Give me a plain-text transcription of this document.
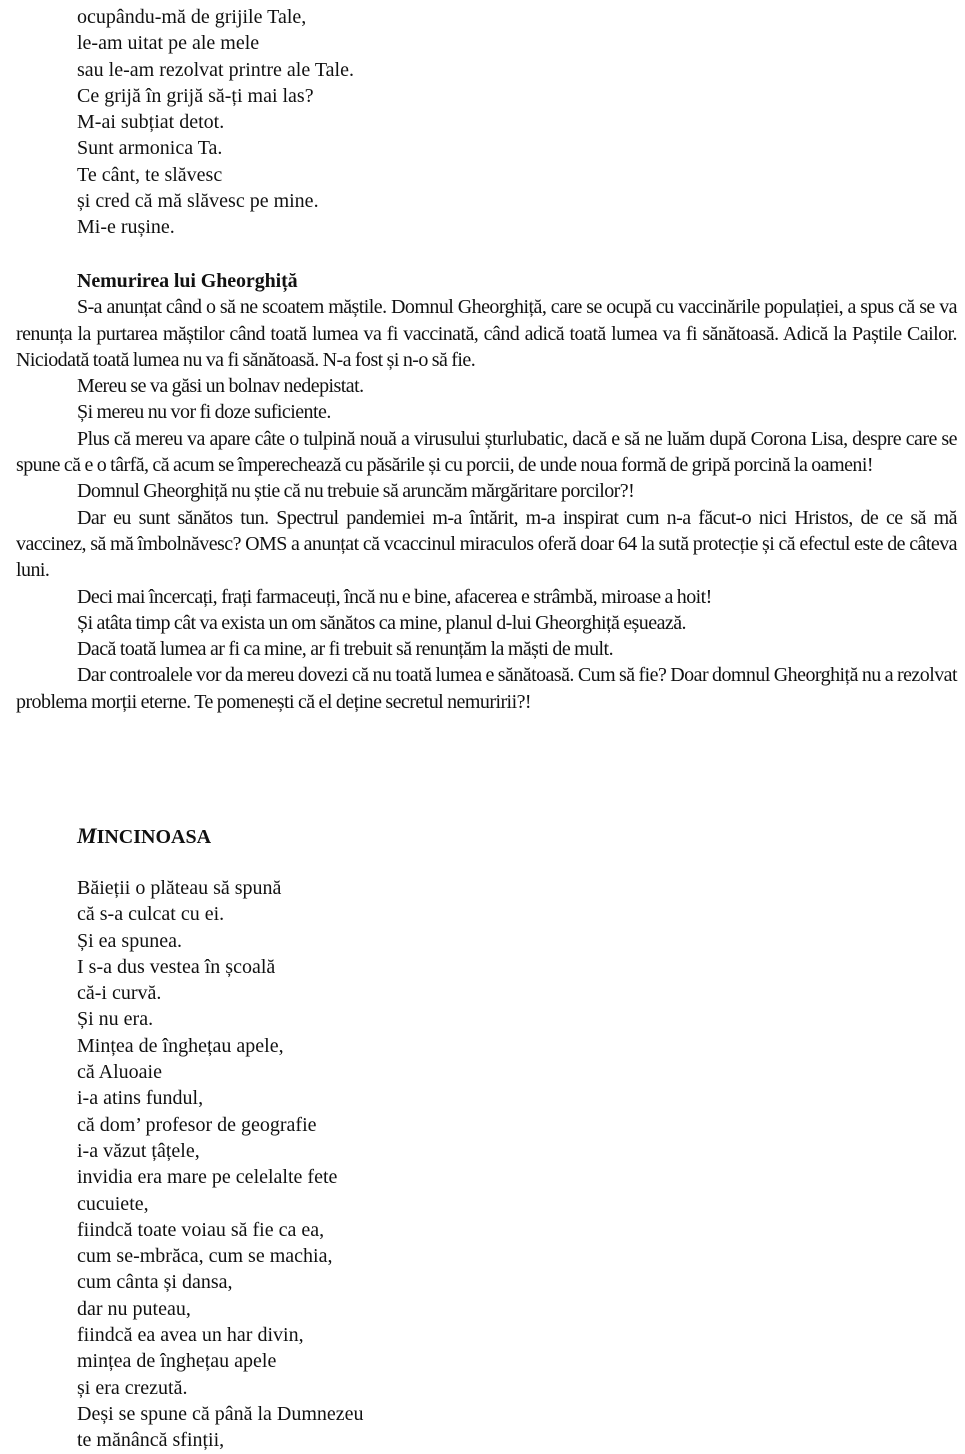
ocupându-mă de grijile Tale,
le-am uitat pe ale mele
sau le-am rezolvat printre ale Tale.
Ce grijă în grijă să-ți mai las?
M-ai subțiat detot.
Sunt armonica Ta.
Te cânt, te slăvesc
și cred că mă slăvesc pe mine.
Mi-e rușine.
Nemurirea lui Gheorghiță

S-a anunțat când o să ne scoatem măștile. Domnul Gheorghiță, care se ocupă cu vaccinările populației, a spus că se va renunța la purtarea măștilor când toată lumea va fi vaccinată, când adică toată lumea va fi sănătoasă. Adică la Paștile Cailor. Niciodată toată lumea nu va fi sănătoasă. N-a fost și n-o să fie.

Mereu se va găsi un bolnav nedepistat.

Și mereu nu vor fi doze suficiente.

Plus că mereu va apare câte o tulpină nouă a virusului șturlubatic, dacă e să ne luăm după Corona Lisa, despre care se spune că e o târfă, că acum se împerechează cu păsările și cu porcii, de unde noua formă de gripă porcină la oameni!

Domnul Gheorghiță nu știe că nu trebuie să aruncăm mărgăritare porcilor?!

Dar eu sunt sănătos tun. Spectrul pandemiei m-a întărit, m-a inspirat cum n-a făcut-o nici Hristos, de ce să mă vaccinez, să mă îmbolnăvesc? OMS a anunțat că vcaccinul miraculos oferă doar 64 la sută protecție și că efectul este de câteva luni.

Deci mai încercați, frați farmaceuți, încă nu e bine, afacerea e strâmbă, miroase a hoit!

Și atâta timp cât va exista un om sănătos ca mine, planul d-lui Gheorghiță eșuează.

Dacă toată lumea ar fi ca mine, ar fi trebuit să renunțăm la măști de mult.

Dar controalele vor da mereu dovezi că nu toată lumea e sănătoasă. Cum să fie? Doar domnul Gheorghiță nu a rezolvat problema morții eterne. Te pomenești că el deține secretul nemuririi?!

MINCINOASA
Băieții o plăteau să spună
că s-a culcat cu ei.
Și ea spunea.
I s-a dus vestea în școală
că-i curvă.
Și nu era.
Mințea de înghețau apele,
că Aluoaie
i-a atins fundul,
că dom’ profesor de geografie
i-a văzut țâțele,
invidia era mare pe celelalte fete
cucuiete,
fiindcă toate voiau să fie ca ea,
cum se-mbrăca, cum se machia,
cum cânta și dansa,
dar nu puteau,
fiindcă ea avea un har divin,
mințea de înghețau apele
și era crezută.
Deși se spune că până la Dumnezeu
te mănâncă sfinții,
